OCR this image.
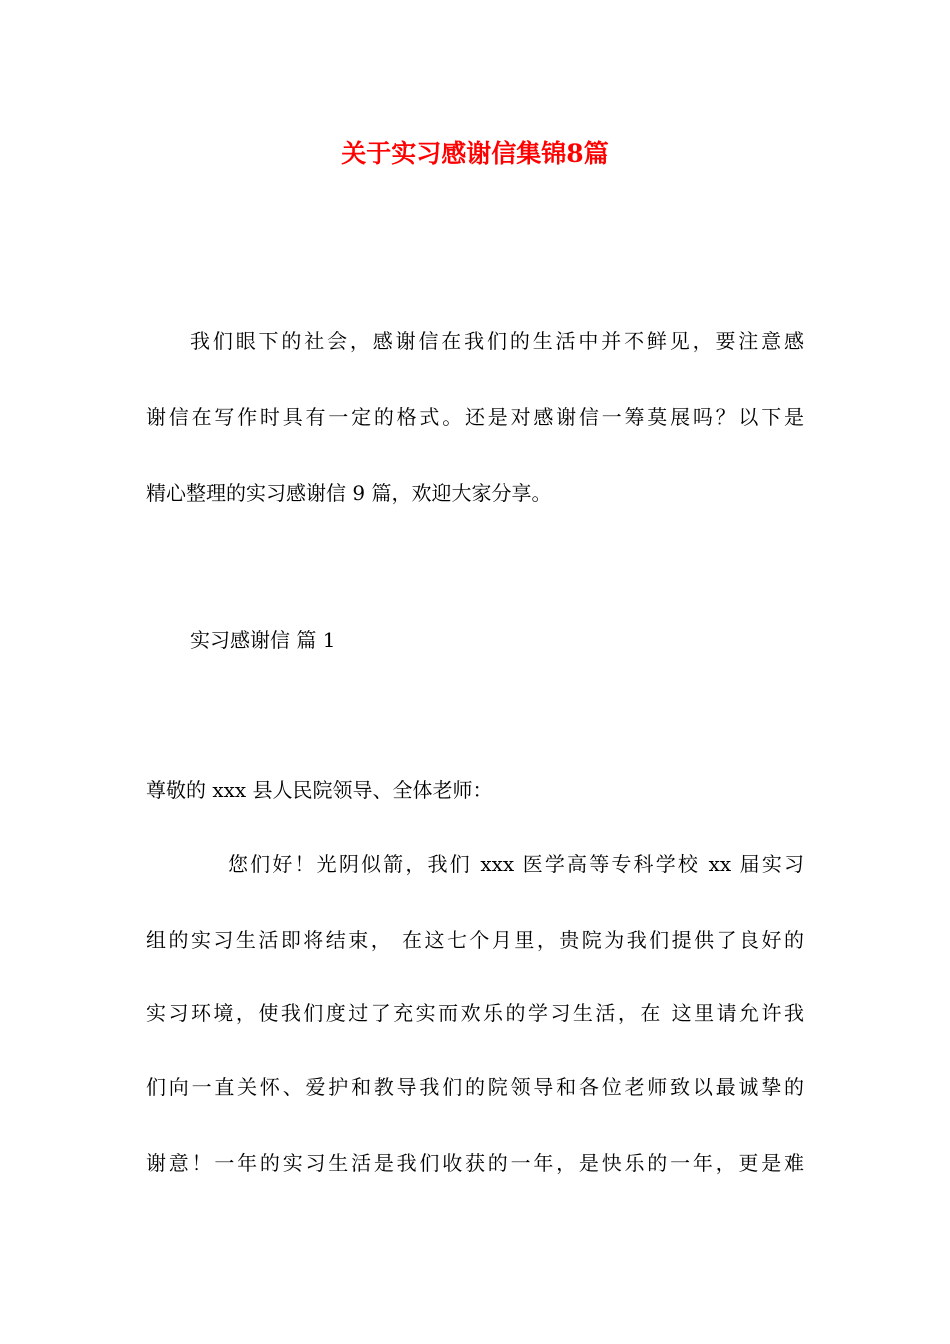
关于实习感谢信集锦8篇
我们眼下的社会，感谢信在我们的生活中并不鲜见，要注意感
谢信在写作时具有一定的格式。还是对感谢信一筹莫展吗？以下是
精心整理的实习感谢信 9 篇，欢迎大家分享。
实习感谢信 篇 1
尊敬的 xxx 县人民院领导、全体老师：
您们好！光阴似箭，我们 xxx 医学高等专科学校 xx 届实习
组的实习生活即将结束， 在这七个月里，贵院为我们提供了良好的
实习环境，使我们度过了充实而欢乐的学习生活，在 这里请允许我
们向一直关怀、爱护和教导我们的院领导和各位老师致以最诚挚的
谢意！一年的实习生活是我们收获的一年，是快乐的一年，更是难
